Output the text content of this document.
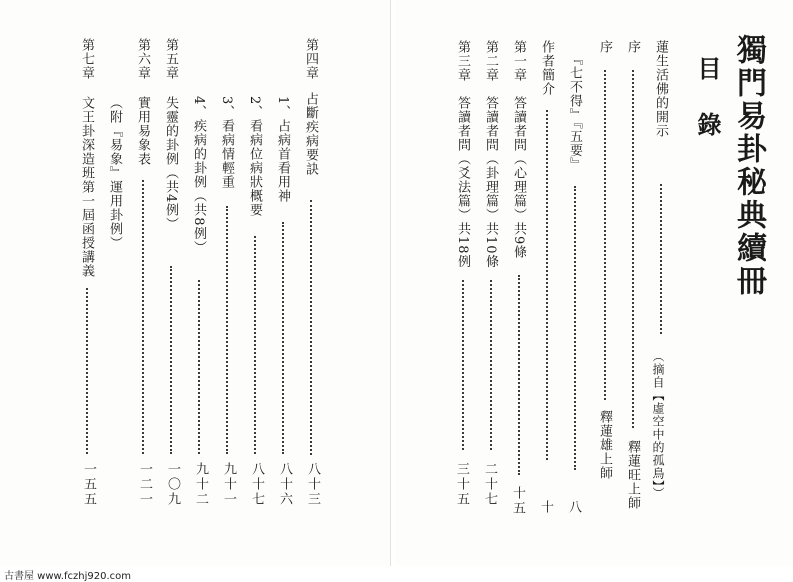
第四章
占斷疾病要訣
八十三
1、占病首看用神
八十六
2、看病位病狀概要
八十七
3、看病情輕重
九十一
4、疾病的卦例（共8例）
九十二
第五章
失靈的卦例（共4例）
一〇九
第六章
實用易象表
一二一
（附『易象』運用卦例）
第七章
文王卦深造班第一屆函授講義
一五五
獨門易卦秘典續冊
目
錄
蓮生活佛的開示
（摘自【虛空中的孤鳥】）
序
釋蓮旺上師
序
釋蓮雄上師
八
『七不得』『五要』
作者簡介
十
第一章　答讀者問（心理篇）共9條
十五
第二章　答讀者問（卦理篇）共10條
二十七
第三章　答讀者問（爻法篇）共18例
三十五
古書屋 www.fczhj920.com
